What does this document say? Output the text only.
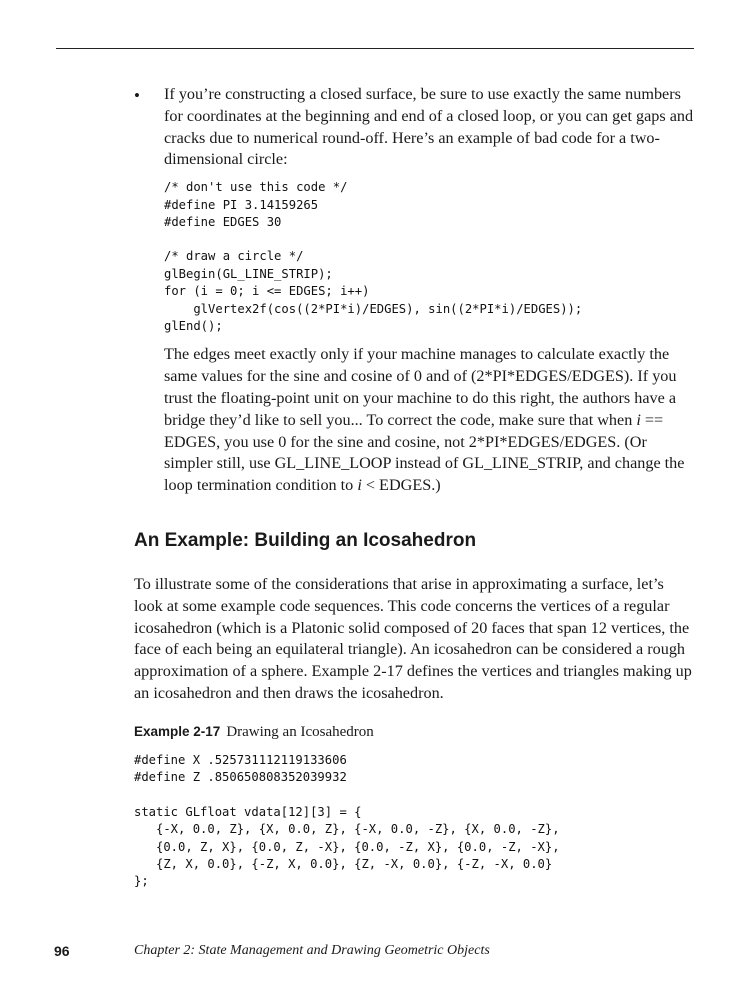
• If you’re constructing a closed surface, be sure to use exactly the same numbers for coordinates at the beginning and end of a closed loop, or you can get gaps and cracks due to numerical round-off. Here’s an example of bad code for a two-dimensional circle:

/* don't use this code */
#define PI 3.14159265
#define EDGES 30
/* draw a circle */
glBegin(GL_LINE_STRIP);
for (i = 0; i <= EDGES; i++)
glVertex2f(cos((2*PI*i)/EDGES), sin((2*PI*i)/EDGES));
glEnd();

The edges meet exactly only if your machine manages to calculate exactly the same values for the sine and cosine of 0 and of (2*PI*EDGES/EDGES). If you trust the floating-point unit on your machine to do this right, the authors have a bridge they’d like to sell you... To correct the code, make sure that when i == EDGES, you use 0 for the sine and cosine, not 2*PI*EDGES/EDGES. (Or simpler still, use GL_LINE_LOOP instead of GL_LINE_STRIP, and change the loop termination condition to i < EDGES.)

An Example: Building an Icosahedron

To illustrate some of the considerations that arise in approximating a surface, let’s look at some example code sequences. This code concerns the vertices of a regular icosahedron (which is a Platonic solid composed of 20 faces that span 12 vertices, the face of each being an equilateral triangle). An icosahedron can be considered a rough approximation of a sphere. Example 2-17 defines the vertices and triangles making up an icosahedron and then draws the icosahedron.

Example 2-17 Drawing an Icosahedron
#define X .525731112119133606
#define Z .850650808352039932
static GLfloat vdata[12][3] = {
{-X, 0.0, Z}, {X, 0.0, Z}, {-X, 0.0, -Z}, {X, 0.0, -Z},
{0.0, Z, X}, {0.0, Z, -X}, {0.0, -Z, X}, {0.0, -Z, -X},
{Z, X, 0.0}, {-Z, X, 0.0}, {Z, -X, 0.0}, {-Z, -X, 0.0}
};
96	Chapter 2: State Management and Drawing Geometric Objects
